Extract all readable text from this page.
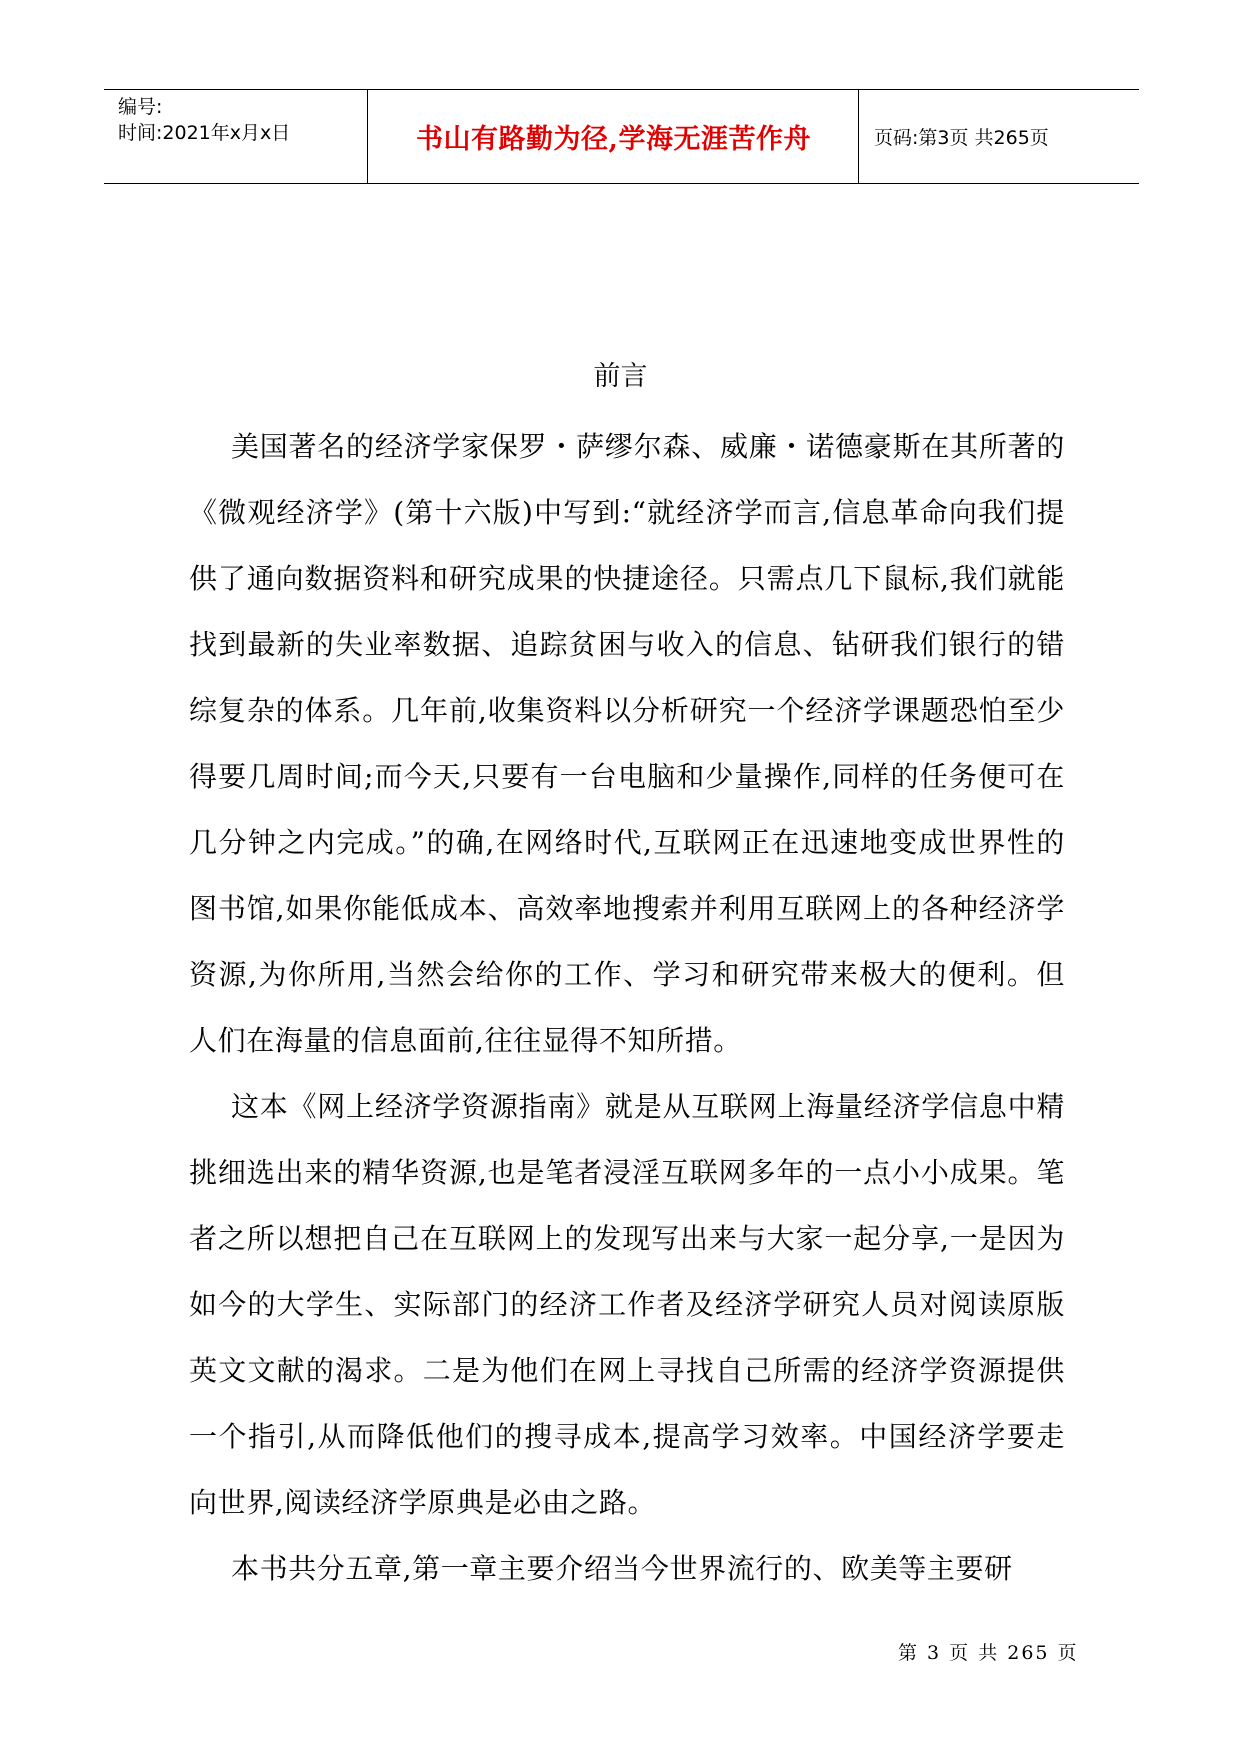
编号:
时间:2021年x月x日	书山有路勤为径,学海无涯苦作舟	页码:第3页 共265页
前言

美国著名的经济学家保罗・萨缪尔森、威廉・诺德豪斯在其所著的《微观经济学》(第十六版)中写到:“就经济学而言,信息革命向我们提供了通向数据资料和研究成果的快捷途径。只需点几下鼠标,我们就能找到最新的失业率数据、追踪贫困与收入的信息、钻研我们银行的错综复杂的体系。几年前,收集资料以分析研究一个经济学课题恐怕至少得要几周时间;而今天,只要有一台电脑和少量操作,同样的任务便可在几分钟之内完成。”的确,在网络时代,互联网正在迅速地变成世界性的图书馆,如果你能低成本、高效率地搜索并利用互联网上的各种经济学资源,为你所用,当然会给你的工作、学习和研究带来极大的便利。但人们在海量的信息面前,往往显得不知所措。

这本《网上经济学资源指南》就是从互联网上海量经济学信息中精挑细选出来的精华资源,也是笔者浸淫互联网多年的一点小小成果。笔者之所以想把自己在互联网上的发现写出来与大家一起分享,一是因为如今的大学生、实际部门的经济工作者及经济学研究人员对阅读原版英文文献的渴求。二是为他们在网上寻找自己所需的经济学资源提供一个指引,从而降低他们的搜寻成本,提高学习效率。中国经济学要走向世界,阅读经济学原典是必由之路。

本书共分五章,第一章主要介绍当今世界流行的、欧美等主要研

第 3 页 共 265 页
